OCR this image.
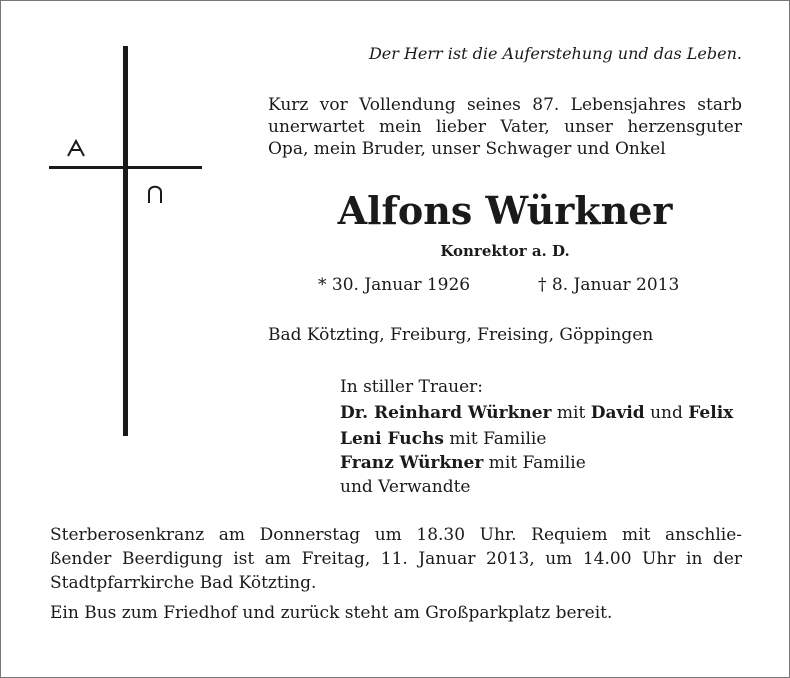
Der Herr ist die Auferstehung und das Leben.
Kurz vor Vollendung seines 87. Lebensjahres starb
unerwartet mein lieber Vater, unser herzensguter
Opa, mein Bruder, unser Schwager und Onkel
Alfons Würkner
Konrektor a. D.
* 30. Januar 1926	† 8. Januar 2013
Bad Kötzting, Freiburg, Freising, Göppingen
In stiller Trauer:
Dr. Reinhard Würkner mit David und Felix
Leni Fuchs mit Familie
Franz Würkner mit Familie
und Verwandte
Sterberosenkranz am Donnerstag um 18.30 Uhr. Requiem mit anschlie-
ßender Beerdigung ist am Freitag, 11. Januar 2013, um 14.00 Uhr in der
Stadtpfarrkirche Bad Kötzting.
Ein Bus zum Friedhof und zurück steht am Großparkplatz bereit.
